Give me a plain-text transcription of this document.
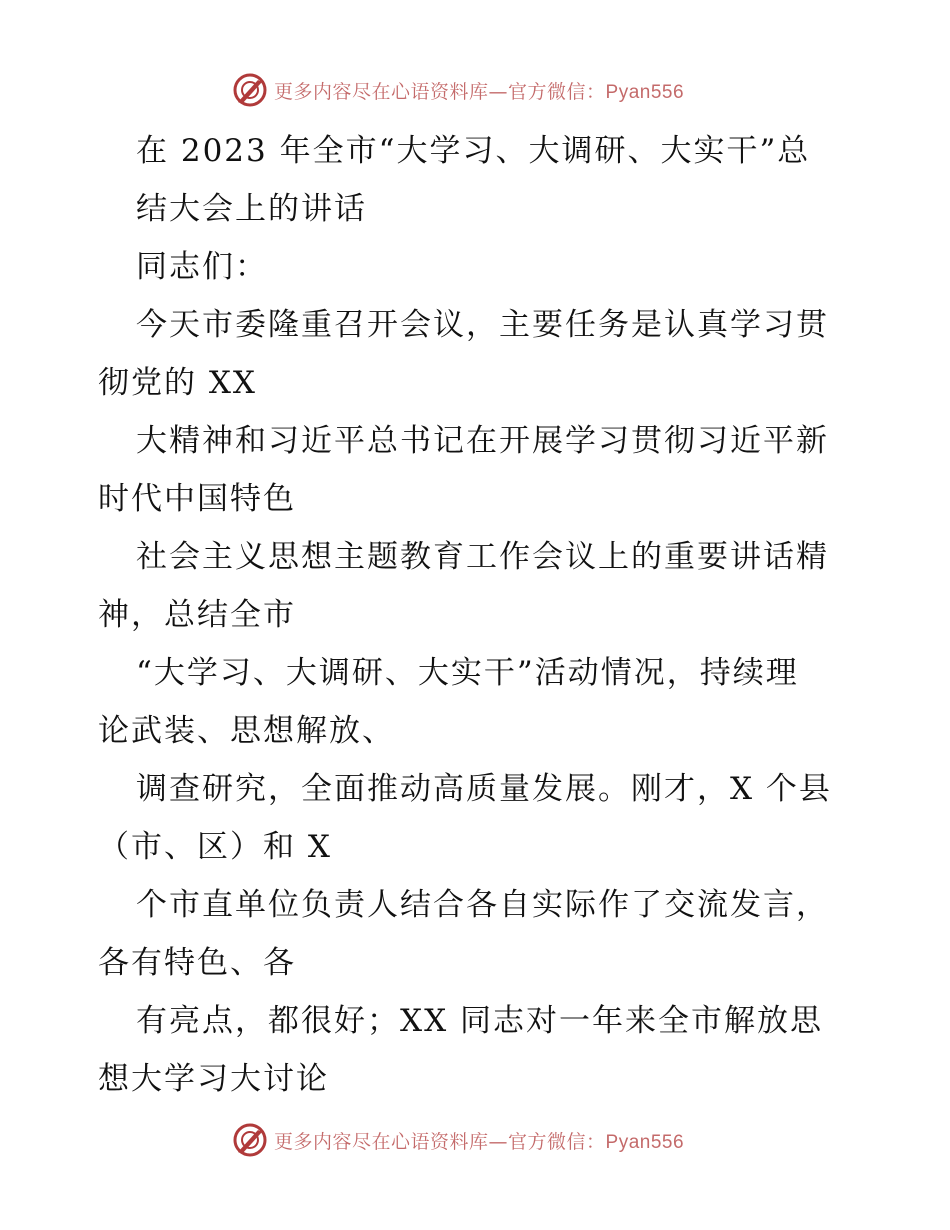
更多内容尽在心语资料库—官方微信：Pyan556
在 2023 年全市“大学习、大调研、大实干”总
结大会上的讲话
同志们：
今天市委隆重召开会议，主要任务是认真学习贯
彻党的 XX
大精神和习近平总书记在开展学习贯彻习近平新
时代中国特色
社会主义思想主题教育工作会议上的重要讲话精
神，总结全市
“大学习、大调研、大实干”活动情况，持续理
论武装、思想解放、
调查研究，全面推动高质量发展。刚才，X 个县
（市、区）和 X
个市直单位负责人结合各自实际作了交流发言，
各有特色、各
有亮点，都很好；XX 同志对一年来全市解放思
想大学习大讨论
更多内容尽在心语资料库—官方微信：Pyan556
